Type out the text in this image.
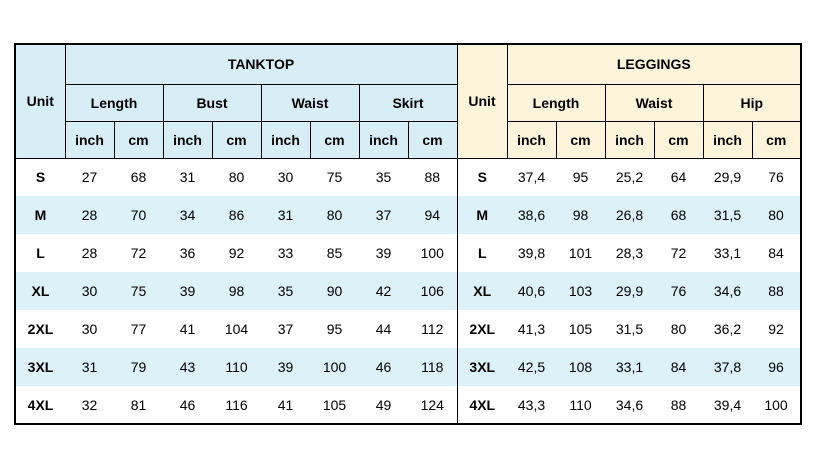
Unit	TANKTOP								Unit	LEGGINGS					
	Length		Bust		Waist		Skirt			Length		Waist		Hip	
	inch	cm	inch	cm	inch	cm	inch	cm		inch	cm	inch	cm	inch	cm
S	27	68	31	80	30	75	35	88	S	37,4	95	25,2	64	29,9	76
M	28	70	34	86	31	80	37	94	M	38,6	98	26,8	68	31,5	80
L	28	72	36	92	33	85	39	100	L	39,8	101	28,3	72	33,1	84
XL	30	75	39	98	35	90	42	106	XL	40,6	103	29,9	76	34,6	88
2XL	30	77	41	104	37	95	44	112	2XL	41,3	105	31,5	80	36,2	92
3XL	31	79	43	110	39	100	46	118	3XL	42,5	108	33,1	84	37,8	96
4XL	32	81	46	116	41	105	49	124	4XL	43,3	110	34,6	88	39,4	100
